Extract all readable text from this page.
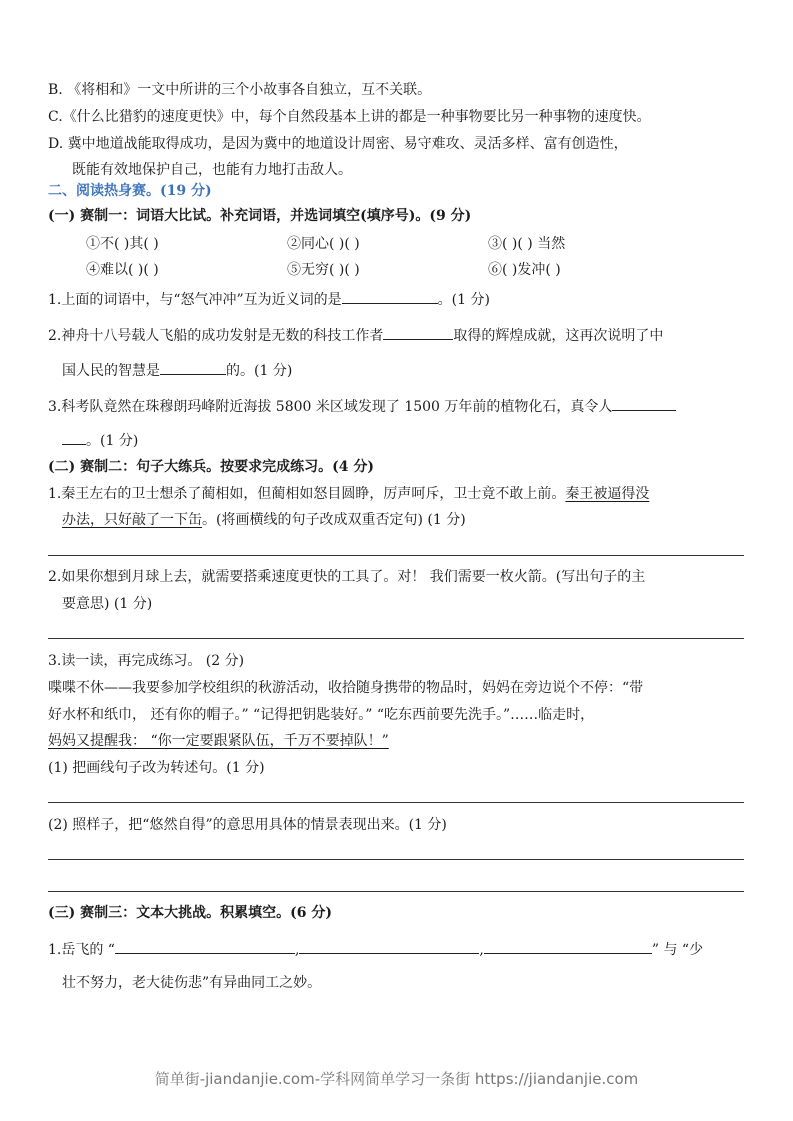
B. 《将相和》一文中所讲的三个小故事各自独立，互不关联。
C.《什么比猎豹的速度更快》中，每个自然段基本上讲的都是一种事物要比另一种事物的速度快。
D. 冀中地道战能取得成功，是因为冀中的地道设计周密、易守难攻、灵活多样、富有创造性，
既能有效地保护自己，也能有力地打击敌人。
二、阅读热身赛。(19 分)
(一) 赛制一：词语大比试。补充词语，并选词填空(填序号)。(9 分)
①不( )其( )	②同心( )( )	③( )( ) 当然
④难以( )( )	⑤无穷( )( )	⑥( )发冲( )
1.上面的词语中，与“怒气冲冲”互为近义词的是	。(1 分)
2.神舟十八号载人飞船的成功发射是无数的科技工作者	取得的辉煌成就，这再次说明了中
国人民的智慧是	的。(1 分)
3.科考队竟然在珠穆朗玛峰附近海拔 5800 米区域发现了 1500 万年前的植物化石，真令人
。(1 分)
(二) 赛制二：句子大练兵。按要求完成练习。(4 分)
1.秦王左右的卫士想杀了蔺相如，但蔺相如怒目圆睁，厉声呵斥，卫士竟不敢上前。秦王被逼得没
办法，只好敲了一下缶。(将画横线的句子改成双重否定句) (1 分)
2.如果你想到月球上去，就需要搭乘速度更快的工具了。对！ 我们需要一枚火箭。(写出句子的主
要意思) (1 分)
3.读一读，再完成练习。 (2 分)
喋喋不休——我要参加学校组织的秋游活动，收拾随身携带的物品时，妈妈在旁边说个不停：“带
好水杯和纸巾， 还有你的帽子。” “记得把钥匙装好。” “吃东西前要先洗手。”……临走时，
妈妈又提醒我： “你一定要跟紧队伍，千万不要掉队！”
(1) 把画线句子改为转述句。(1 分)
(2) 照样子，把“悠然自得”的意思用具体的情景表现出来。(1 分)
(三) 赛制三：文本大挑战。积累填空。(6 分)
1.岳飞的 “	,	,	” 与 “少
壮不努力，老大徒伤悲”有异曲同工之妙。
简单街-jiandanjie.com-学科网简单学习一条街 https://jiandanjie.com
